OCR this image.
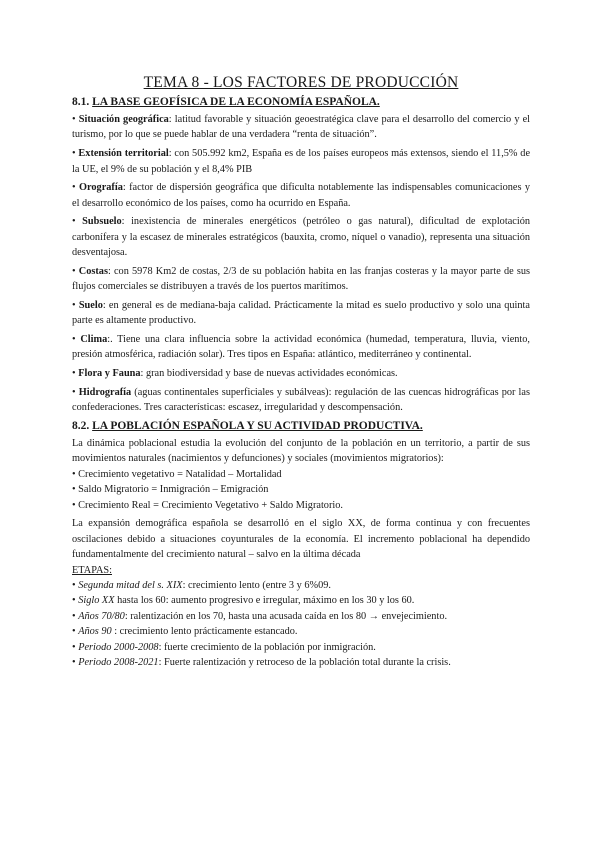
TEMA 8 - LOS FACTORES DE PRODUCCIÓN
8.1. LA BASE GEOFÍSICA DE LA ECONOMÍA ESPAÑOLA.

• Situación geográfica: latitud favorable y situación geoestratégica clave para el desarrollo del comercio y el turismo, por lo que se puede hablar de una verdadera “renta de situación”.

• Extensión territorial: con 505.992 km2, España es de los países europeos más extensos, siendo el 11,5% de la UE, el 9% de su población y el 8,4% PIB

• Orografía: factor de dispersión geográfica que dificulta notablemente las indispensables comunicaciones y el desarrollo económico de los países, como ha ocurrido en España.

• Subsuelo: inexistencia de minerales energéticos (petróleo o gas natural), dificultad de explotación carbonífera y la escasez de minerales estratégicos (bauxita, cromo, níquel o vanadio), representa una situación desventajosa.

• Costas: con 5978 Km2 de costas, 2/3 de su población habita en las franjas costeras y la mayor parte de sus flujos comerciales se distribuyen a través de los puertos marítimos.

• Suelo: en general es de mediana-baja calidad. Prácticamente la mitad es suelo productivo y solo una quinta parte es altamente productivo.

• Clima:. Tiene una clara influencia sobre la actividad económica (humedad, temperatura, lluvia, viento, presión atmosférica, radiación solar). Tres tipos en España: atlántico, mediterráneo y continental.

• Flora y Fauna: gran biodiversidad y base de nuevas actividades económicas.

• Hidrografía (aguas continentales superficiales y subálveas): regulación de las cuencas hidrográficas por las confederaciones. Tres características: escasez, irregularidad y descompensación.

8.2. LA POBLACIÓN ESPAÑOLA Y SU ACTIVIDAD PRODUCTIVA.

La dinámica poblacional estudia la evolución del conjunto de la población en un territorio, a partir de sus movimientos naturales (nacimientos y defunciones) y sociales (movimientos migratorios):

• Crecimiento vegetativo = Natalidad – Mortalidad

• Saldo Migratorio = Inmigración – Emigración

• Crecimiento Real = Crecimiento Vegetativo + Saldo Migratorio.

La expansión demográfica española se desarrolló en el siglo XX, de forma continua y con frecuentes oscilaciones debido a situaciones coyunturales de la economía. El incremento poblacional ha dependido fundamentalmente del crecimiento natural – salvo en la última década

ETAPAS:

• Segunda mitad del s. XIX: crecimiento lento (entre 3 y 6%09.

• Siglo XX hasta los 60: aumento progresivo e irregular, máximo en los 30 y los 60.

• Años 70/80: ralentización en los 70, hasta una acusada caída en los 80 → envejecimiento.

• Años 90 : crecimiento lento prácticamente estancado.

• Periodo 2000-2008: fuerte crecimiento de la población por inmigración.

• Periodo 2008-2021: Fuerte ralentización y retroceso de la población total durante la crisis.
